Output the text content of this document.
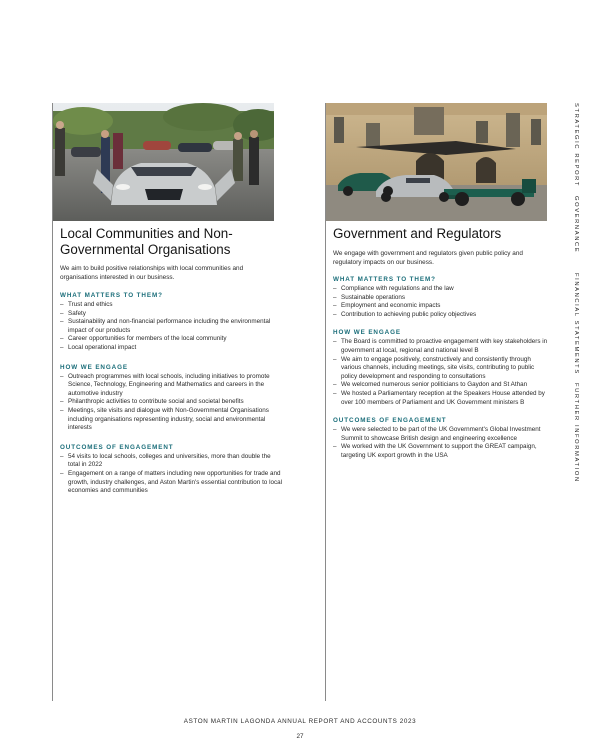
Local Communities and Non-Governmental Organisations

We aim to build positive relationships with local communities and organisations interested in our business.

WHAT MATTERS TO THEM?

– Trust and ethics
– Safety
– Sustainability and non-financial performance including the environmental impact of our products
– Career opportunities for members of the local community
– Local operational impact

HOW WE ENGAGE

– Outreach programmes with local schools, including initiatives to promote Science, Technology, Engineering and Mathematics and careers in the automotive industry
– Philanthropic activities to contribute social and societal benefits
– Meetings, site visits and dialogue with Non-Governmental Organisations including organisations representing industry, social and environmental interests

OUTCOMES OF ENGAGEMENT

– 54 visits to local schools, colleges and universities, more than double the total in 2022
– Engagement on a range of matters including new opportunities for trade and growth, industry challenges, and Aston Martin's essential contribution to local economies and communities
Government and Regulators

We engage with government and regulators given public policy and regulatory impacts on our business.

WHAT MATTERS TO THEM?

– Compliance with regulations and the law
– Sustainable operations
– Employment and economic impacts
– Contribution to achieving public policy objectives

HOW WE ENGAGE

– The Board is committed to proactive engagement with key stakeholders in government at local, regional and national level B
– We aim to engage positively, constructively and consistently through various channels, including meetings, site visits, contributing to public policy development and responding to consultations
– We welcomed numerous senior politicians to Gaydon and St Athan
– We hosted a Parliamentary reception at the Speakers House attended by over 100 members of Parliament and UK Government ministers B

OUTCOMES OF ENGAGEMENT

– We were selected to be part of the UK Government's Global Investment Summit to showcase British design and engineering excellence
– We worked with the UK Government to support the GREAT campaign, targeting UK export growth in the USA
STRATEGIC REPORT
GOVERNANCE
FINANCIAL STATEMENTS
FURTHER INFORMATION
ASTON MARTIN LAGONDA ANNUAL REPORT AND ACCOUNTS 2023
27
